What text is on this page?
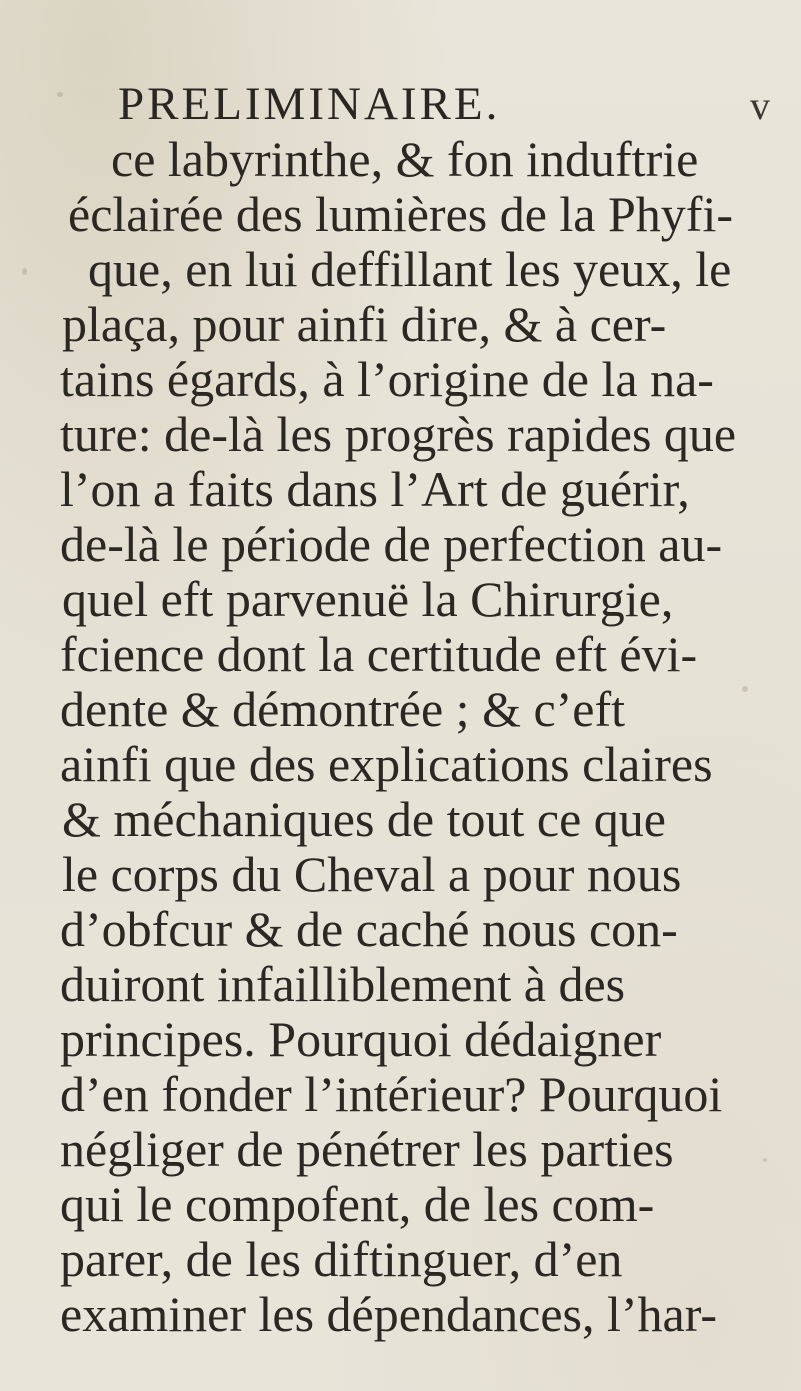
PRELIMINAIRE.	v
ce labyrinthe, & fon induftrie
éclairée des lumières de la Phyfi-
que, en lui deffillant les yeux, le
plaça, pour ainfi dire, & à cer-
tains égards, à l’origine de la na-
ture: de-là les progrès rapides que
l’on a faits dans l’Art de guérir,
de-là le période de perfection au-
quel eft parvenuë la Chirurgie,
fcience dont la certitude eft évi-
dente & démontrée ; & c’eft
ainfi que des explications claires
& méchaniques de tout ce que
le corps du Cheval a pour nous
d’obfcur & de caché nous con-
duiront infailliblement à des
principes. Pourquoi dédaigner
d’en fonder l’intérieur? Pourquoi
négliger de pénétrer les parties
qui le compofent, de les com-
parer, de les diftinguer, d’en
examiner les dépendances, l’har-
